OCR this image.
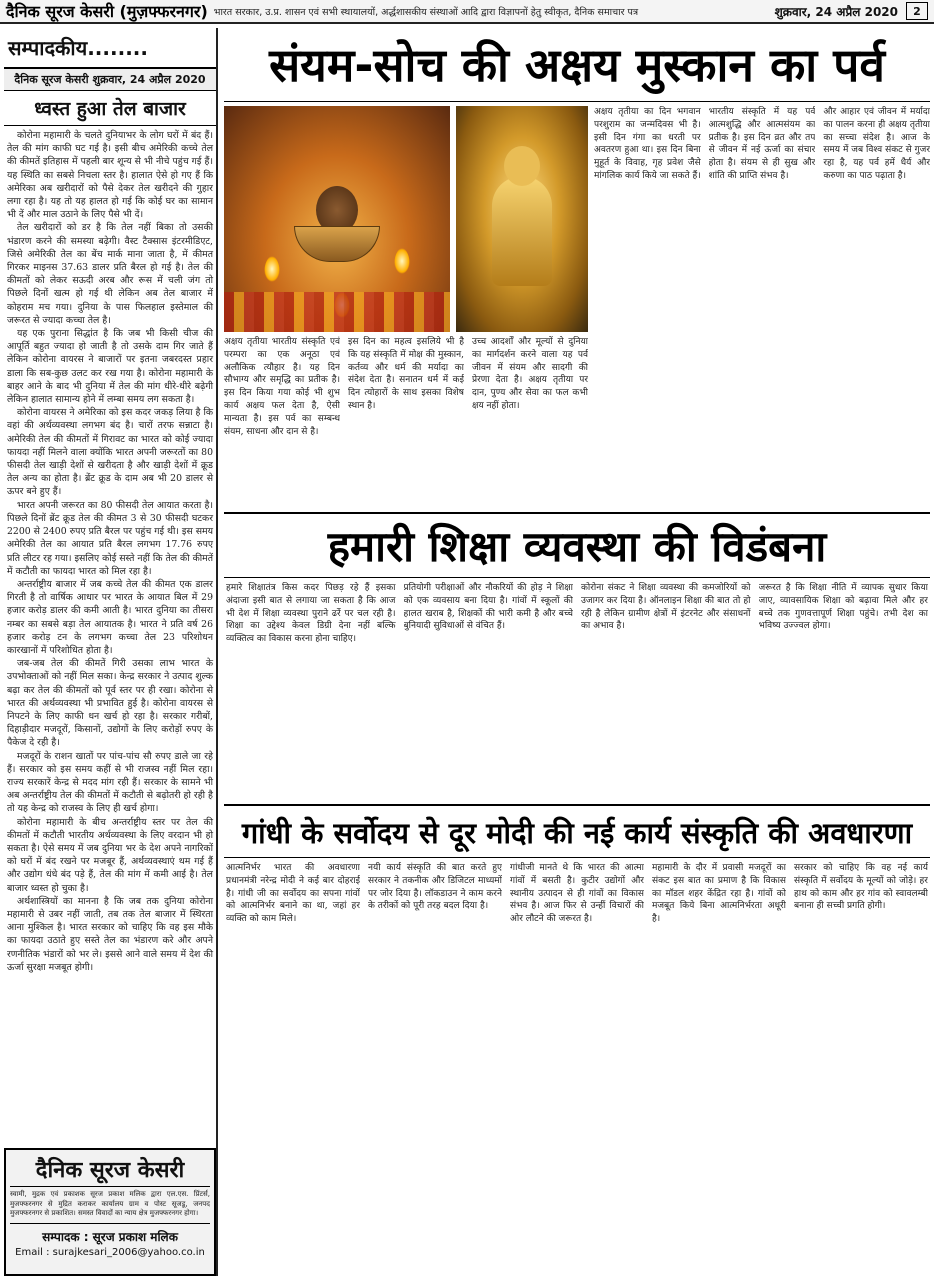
दैनिक सूरज केसरी (मुज़फ्फरनगर) भारत सरकार, उ.प्र. शासन एवं सभी स्थायालयों, अर्द्धशासकीय संस्थाओं आदि द्वारा विज्ञापनों हेतु स्वीकृत, दैनिक समाचार पत्र	शुक्रवार, 24 अप्रैल 2020	2
सम्पादकीय........
दैनिक सूरज केसरी शुक्रवार, 24 अप्रैल 2020
ध्वस्त हुआ तेल बाजार

कोरोना महामारी के चलते दुनियाभर के लोग घरों में बंद हैं। तेल की मांग काफी घट गई है। इसी बीच अमेरिकी कच्चे तेल की कीमतें इतिहास में पहली बार शून्य से भी नीचे पहुंच गई हैं। यह स्थिति का सबसे निचला स्तर है। हालात ऐसे हो गए हैं कि अमेरिका अब खरीदारों को पैसे देकर तेल खरीदने की गुहार लगा रहा है। यह तो यह हालत हो गई कि कोई घर का सामान भी दें और माल उठाने के लिए पैसे भी दें।

तेल खरीदारों को डर है कि तेल नहीं बिका तो उसकी भंडारण करने की समस्या बढ़ेगी। वैस्ट टैक्सास इंटरमीडिएट, जिसे अमेरिकी तेल का बेंच मार्क माना जाता है, में कीमत गिरकर माइनस 37.63 डालर प्रति बैरल हो गई है। तेल की कीमतों को लेकर सऊदी अरब और रूस में चली जंग तो पिछले दिनों खत्म हो गई थी लेकिन अब तेल बाजार में कोहराम मच गया। दुनिया के पास फिलहाल इस्तेमाल की जरूरत से ज्यादा कच्चा तेल है।

यह एक पुराना सिद्धांत है कि जब भी किसी चीज की आपूर्ति बहुत ज्यादा हो जाती है तो उसके दाम गिर जाते हैं लेकिन कोरोना वायरस ने बाजारों पर इतना जबरदस्त प्रहार डाला कि सब-कुछ उलट कर रख गया है। कोरोना महामारी के बाहर आने के बाद भी दुनिया में तेल की मांग धीरे-धीरे बढ़ेगी लेकिन हालात सामान्य होने में लम्बा समय लग सकता है।

कोरोना वायरस ने अमेरिका को इस कदर जकड़ लिया है कि वहां की अर्थव्यवस्था लगभग बंद है। चारों तरफ सन्नाटा है। अमेरिकी तेल की कीमतों में गिरावट का भारत को कोई ज्यादा फायदा नहीं मिलने वाला क्योंकि भारत अपनी जरूरतों का 80 फीसदी तेल खाड़ी देशों से खरीदता है और खाड़ी देशों में क्रूड तेल अन्य का होता है। ब्रेंट क्रूड के दाम अब भी 20 डालर से ऊपर बने हुए हैं।

भारत अपनी जरूरत का 80 फीसदी तेल आयात करता है। पिछले दिनों ब्रेंट क्रूड तेल की कीमत 3 से 30 फीसदी घटकर 2200 से 2400 रुपए प्रति बैरल पर पहुंच गई थी। इस समय अमेरिकी तेल का आयात प्रति बैरल लगभग 17.76 रुपए प्रति लीटर रह गया। इसलिए कोई सस्ते नहीं कि तेल की कीमतें में कटौती का फायदा भारत को मिल रहा है।

अन्तर्राष्ट्रीय बाजार में जब कच्चे तेल की कीमत एक डालर गिरती है तो वार्षिक आधार पर भारत के आयात बिल में 29 हजार करोड़ डालर की कमी आती है। भारत दुनिया का तीसरा नम्बर का सबसे बड़ा तेल आयातक है। भारत ने प्रति वर्ष 26 हजार करोड़ टन के लगभग कच्चा तेल 23 परिशोधन कारखानों में परिशोधित होता है।

जब-जब तेल की कीमतें गिरी उसका लाभ भारत के उपभोक्ताओं को नहीं मिल सका। केन्द्र सरकार ने उत्पाद शुल्क बढ़ा कर तेल की कीमतों को पूर्व स्तर पर ही रखा। कोरोना से भारत की अर्थव्यवस्था भी प्रभावित हुई है। कोरोना वायरस से निपटने के लिए काफी धन खर्च हो रहा है। सरकार गरीबों, दिहाड़ीदार मजदूरों, किसानों, उद्योगों के लिए करोड़ों रुपए के पैकेज दे रही है।

मजदूरों के राशन खातों पर पांच-पांच सौ रुपए डाले जा रहे हैं। सरकार को इस समय कहीं से भी राजस्व नहीं मिल रहा। राज्य सरकारें केन्द्र से मदद मांग रही हैं। सरकार के सामने भी अब अन्तर्राष्ट्रीय तेल की कीमतों में कटौती से बढ़ोतरी हो रही है तो यह केन्द्र को राजस्व के लिए ही खर्च होगा।

कोरोना महामारी के बीच अन्तर्राष्ट्रीय स्तर पर तेल की कीमतों में कटौती भारतीय अर्थव्यवस्था के लिए वरदान भी हो सकता है। ऐसे समय में जब दुनिया भर के देश अपने नागरिकों को घरों में बंद रखने पर मजबूर हैं, अर्थव्यवस्थाएं थम गई हैं और उद्योग धंधे बंद पड़े हैं, तेल की मांग में कमी आई है। तेल बाजार ध्वस्त हो चुका है।

अर्थशास्त्रियों का मानना है कि जब तक दुनिया कोरोना महामारी से उबर नहीं जाती, तब तक तेल बाजार में स्थिरता आना मुश्किल है। भारत सरकार को चाहिए कि वह इस मौके का फायदा उठाते हुए सस्ते तेल का भंडारण करे और अपने रणनीतिक भंडारों को भर ले। इससे आने वाले समय में देश की ऊर्जा सुरक्षा मजबूत होगी।

दैनिक सूरज केसरी
स्वामी, मुद्रक एवं प्रकाशक सूरज प्रकाश मलिक द्वारा एल.एस. प्रिंटर्स, मुजफ्फरनगर से मुद्रित कराकर कार्यालय ग्राम व पोस्ट सूजडू, जनपद मुजफ्फरनगर से प्रकाशित। समस्त विवादों का न्याय क्षेत्र मुजफ्फरनगर होगा।
सम्पादक : सूरज प्रकाश मलिक
Email : surajkesari_2006@yahoo.co.in
संयम-सोच की अक्षय मुस्कान का पर्व
अक्षय तृतीया भारतीय संस्कृति एवं परम्परा का एक अनूठा एवं अलौकिक त्यौहार है। यह दिन सौभाग्य और समृद्धि का प्रतीक है। इस दिन किया गया कोई भी शुभ कार्य अक्षय फल देता है, ऐसी मान्यता है। इस पर्व का सम्बन्ध संयम, साधना और दान से है।
इस दिन का महत्व इसलिये भी है कि यह संस्कृति में मोक्ष की मुस्कान, कर्तव्य और धर्म की मर्यादा का संदेश देता है। सनातन धर्म में कई दिन त्योहारों के साथ इसका विशेष स्थान है।
उच्च आदर्शों और मूल्यों से दुनिया का मार्गदर्शन करने वाला यह पर्व जीवन में संयम और सादगी की प्रेरणा देता है। अक्षय तृतीया पर दान, पुण्य और सेवा का फल कभी क्षय नहीं होता।
अक्षय तृतीया का दिन भगवान परशुराम का जन्मदिवस भी है। इसी दिन गंगा का धरती पर अवतरण हुआ था। इस दिन बिना मुहूर्त के विवाह, गृह प्रवेश जैसे मांगलिक कार्य किये जा सकते हैं।
भारतीय संस्कृति में यह पर्व आत्मशुद्धि और आत्मसंयम का प्रतीक है। इस दिन व्रत और तप से जीवन में नई ऊर्जा का संचार होता है। संयम से ही सुख और शांति की प्राप्ति संभव है।
और आहार एवं जीवन में मर्यादा का पालन करना ही अक्षय तृतीया का सच्चा संदेश है। आज के समय में जब विश्व संकट से गुजर रहा है, यह पर्व हमें धैर्य और करुणा का पाठ पढ़ाता है।
हमारी शिक्षा व्यवस्था की विडंबना
हमारे शिक्षातंत्र किस कदर पिछड़ रहे हैं इसका अंदाजा इसी बात से लगाया जा सकता है कि आज भी देश में शिक्षा व्यवस्था पुराने ढर्रे पर चल रही है। शिक्षा का उद्देश्य केवल डिग्री देना नहीं बल्कि व्यक्तित्व का विकास करना होना चाहिए।
प्रतियोगी परीक्षाओं और नौकरियों की होड़ ने शिक्षा को एक व्यवसाय बना दिया है। गांवों में स्कूलों की हालत खराब है, शिक्षकों की भारी कमी है और बच्चे बुनियादी सुविधाओं से वंचित हैं।
कोरोना संकट ने शिक्षा व्यवस्था की कमजोरियों को उजागर कर दिया है। ऑनलाइन शिक्षा की बात तो हो रही है लेकिन ग्रामीण क्षेत्रों में इंटरनेट और संसाधनों का अभाव है।
जरूरत है कि शिक्षा नीति में व्यापक सुधार किया जाए, व्यावसायिक शिक्षा को बढ़ावा मिले और हर बच्चे तक गुणवत्तापूर्ण शिक्षा पहुंचे। तभी देश का भविष्य उज्ज्वल होगा।
गांधी के सर्वोदय से दूर मोदी की नई कार्य संस्कृति की अवधारणा
आत्मनिर्भर भारत की अवधारणा प्रधानमंत्री नरेन्द्र मोदी ने कई बार दोहराई है। गांधी जी का सर्वोदय का सपना गांवों को आत्मनिर्भर बनाने का था, जहां हर व्यक्ति को काम मिले।
नयी कार्य संस्कृति की बात करते हुए सरकार ने तकनीक और डिजिटल माध्यमों पर जोर दिया है। लॉकडाउन ने काम करने के तरीकों को पूरी तरह बदल दिया है।
गांधीजी मानते थे कि भारत की आत्मा गांवों में बसती है। कुटीर उद्योगों और स्थानीय उत्पादन से ही गांवों का विकास संभव है। आज फिर से उन्हीं विचारों की ओर लौटने की जरूरत है।
महामारी के दौर में प्रवासी मजदूरों का संकट इस बात का प्रमाण है कि विकास का मॉडल शहर केंद्रित रहा है। गांवों को मजबूत किये बिना आत्मनिर्भरता अधूरी है।
सरकार को चाहिए कि वह नई कार्य संस्कृति में सर्वोदय के मूल्यों को जोड़े। हर हाथ को काम और हर गांव को स्वावलम्बी बनाना ही सच्ची प्रगति होगी।
